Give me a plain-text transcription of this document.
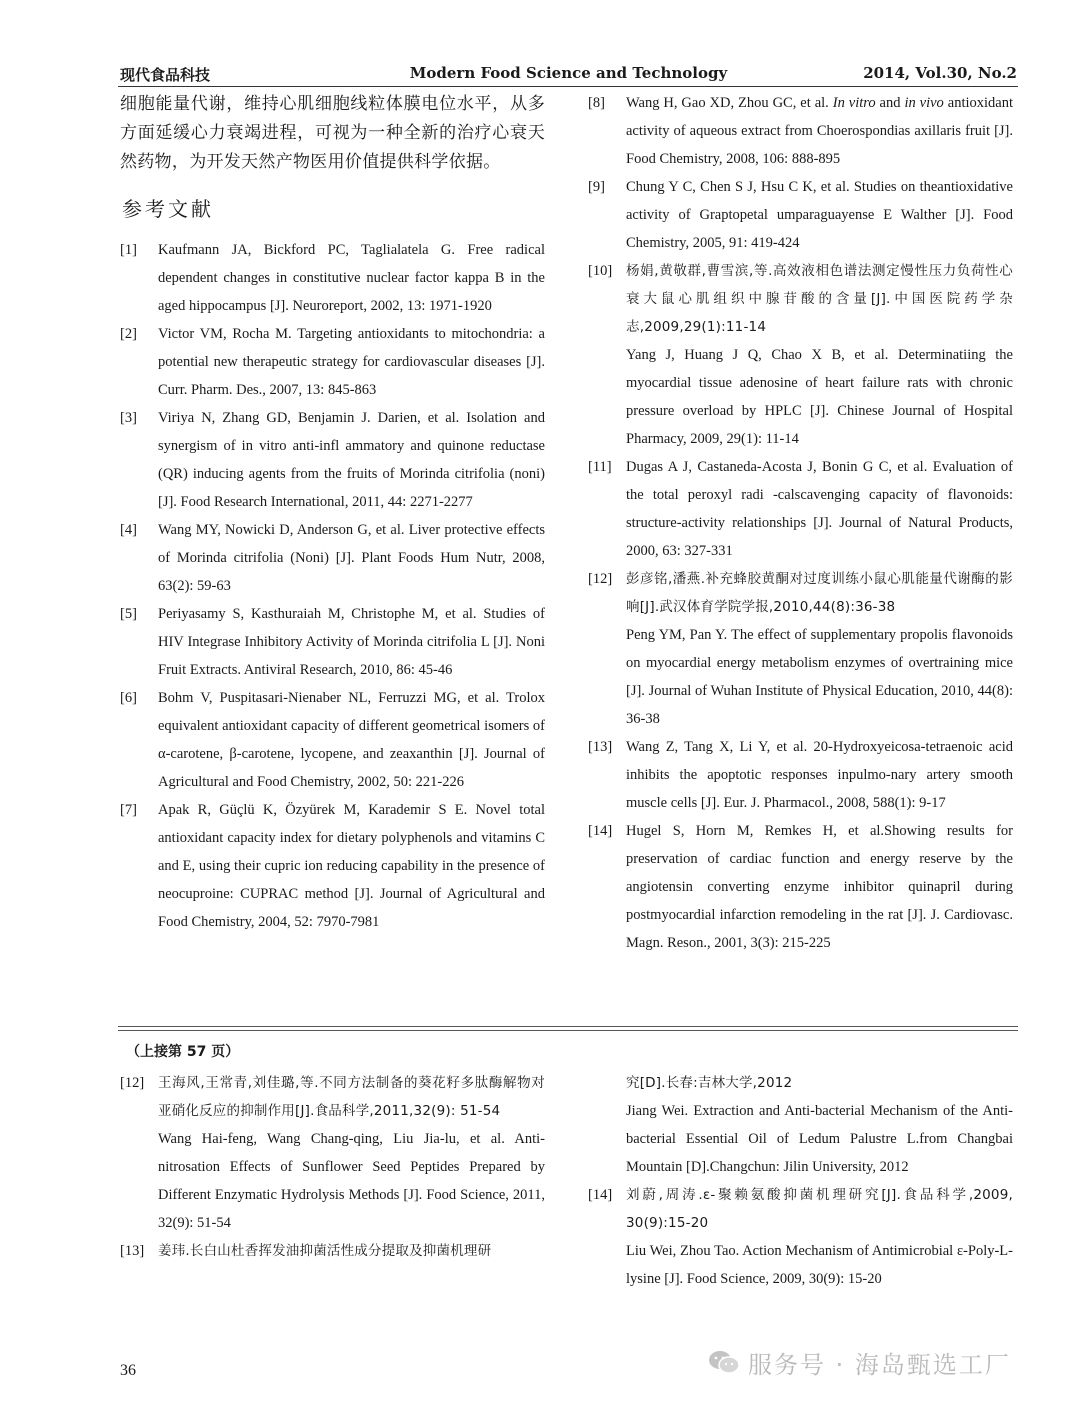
现代食品科技	Modern Food Science and Technology	2014, Vol.30, No.2

细胞能量代谢，维持心肌细胞线粒体膜电位水平，从多方面延缓心力衰竭进程，可视为一种全新的治疗心衰天然药物，为开发天然产物医用价值提供科学依据。

参考文献
[1] Kaufmann JA, Bickford PC, Taglialatela G. Free radical dependent changes in constitutive nuclear factor kappa B in the aged hippocampus [J]. Neuroreport, 2002, 13: 1971-1920

[2] Victor VM, Rocha M. Targeting antioxidants to mitochondria: a potential new therapeutic strategy for cardiovascular diseases [J]. Curr. Pharm. Des., 2007, 13: 845-863

[3] Viriya N, Zhang GD, Benjamin J. Darien, et al. Isolation and synergism of in vitro anti-infl ammatory and quinone reductase (QR) inducing agents from the fruits of Morinda citrifolia (noni) [J]. Food Research International, 2011, 44: 2271-2277

[4] Wang MY, Nowicki D, Anderson G, et al. Liver protective effects of Morinda citrifolia (Noni) [J]. Plant Foods Hum Nutr, 2008, 63(2): 59-63

[5] Periyasamy S, Kasthuraiah M, Christophe M, et al. Studies of HIV Integrase Inhibitory Activity of Morinda citrifolia L [J]. Noni Fruit Extracts. Antiviral Research, 2010, 86: 45-46

[6] Bohm V, Puspitasari-Nienaber NL, Ferruzzi MG, et al. Trolox equivalent antioxidant capacity of different geometrical isomers of α-carotene, β-carotene, lycopene, and zeaxanthin [J]. Journal of Agricultural and Food Chemistry, 2002, 50: 221-226

[7] Apak R, Güçlü K, Özyürek M, Karademir S E. Novel total antioxidant capacity index for dietary polyphenols and vitamins C and E, using their cupric ion reducing capability in the presence of neocuproine: CUPRAC method [J]. Journal of Agricultural and Food Chemistry, 2004, 52: 7970-7981

[8] Wang H, Gao XD, Zhou GC, et al. In vitro and in vivo antioxidant activity of aqueous extract from Choerospondias axillaris fruit [J]. Food Chemistry, 2008, 106: 888-895

[9] Chung Y C, Chen S J, Hsu C K, et al. Studies on theantioxidative activity of Graptopetal umparaguayense E Walther [J]. Food Chemistry, 2005, 91: 419-424

[10] 杨娟,黄敬群,曹雪滨,等.高效液相色谱法测定慢性压力负荷性心衰大鼠心肌组织中腺苷酸的含量[J].中国医院药学杂志,2009,29(1):11-14

Yang J, Huang J Q, Chao X B, et al. Determinatiing the myocardial tissue adenosine of heart failure rats with chronic pressure overload by HPLC [J]. Chinese Journal of Hospital Pharmacy, 2009, 29(1): 11-14

[11] Dugas A J, Castaneda-Acosta J, Bonin G C, et al. Evaluation of the total peroxyl radi -calscavenging capacity of flavonoids: structure-activity relationships [J]. Journal of Natural Products, 2000, 63: 327-331

[12] 彭彦铭,潘燕.补充蜂胶黄酮对过度训练小鼠心肌能量代谢酶的影响[J].武汉体育学院学报,2010,44(8):36-38

Peng YM, Pan Y. The effect of supplementary propolis flavonoids on myocardial energy metabolism enzymes of overtraining mice [J]. Journal of Wuhan Institute of Physical Education, 2010, 44(8): 36-38

[13] Wang Z, Tang X, Li Y, et al. 20-Hydroxyeicosa-tetraenoic acid inhibits the apoptotic responses inpulmo-nary artery smooth muscle cells [J]. Eur. J. Pharmacol., 2008, 588(1): 9-17

[14] Hugel S, Horn M, Remkes H, et al.Showing results for preservation of cardiac function and energy reserve by the angiotensin converting enzyme inhibitor quinapril during postmyocardial infarction remodeling in the rat [J]. J. Cardiovasc. Magn. Reson., 2001, 3(3): 215-225

（上接第 57 页）
[12] 王海风,王常青,刘佳璐,等.不同方法制备的葵花籽多肽酶解物对亚硝化反应的抑制作用[J].食品科学,2011,32(9): 51-54

Wang Hai-feng, Wang Chang-qing, Liu Jia-lu, et al. Anti-nitrosation Effects of Sunflower Seed Peptides Prepared by Different Enzymatic Hydrolysis Methods [J]. Food Science, 2011, 32(9): 51-54

[13] 姜玮.长白山杜香挥发油抑菌活性成分提取及抑菌机理研

究[D].长春:吉林大学,2012

Jiang Wei. Extraction and Anti-bacterial Mechanism of the Anti-bacterial Essential Oil of Ledum Palustre L.from Changbai Mountain [D].Changchun: Jilin University, 2012

[14] 刘蔚,周涛.ε-聚赖氨酸抑菌机理研究[J].食品科学,2009, 30(9):15-20

Liu Wei, Zhou Tao. Action Mechanism of Antimicrobial ε-Poly-L-lysine [J]. Food Science, 2009, 30(9): 15-20

36	服务号 · 海岛甄选工厂
